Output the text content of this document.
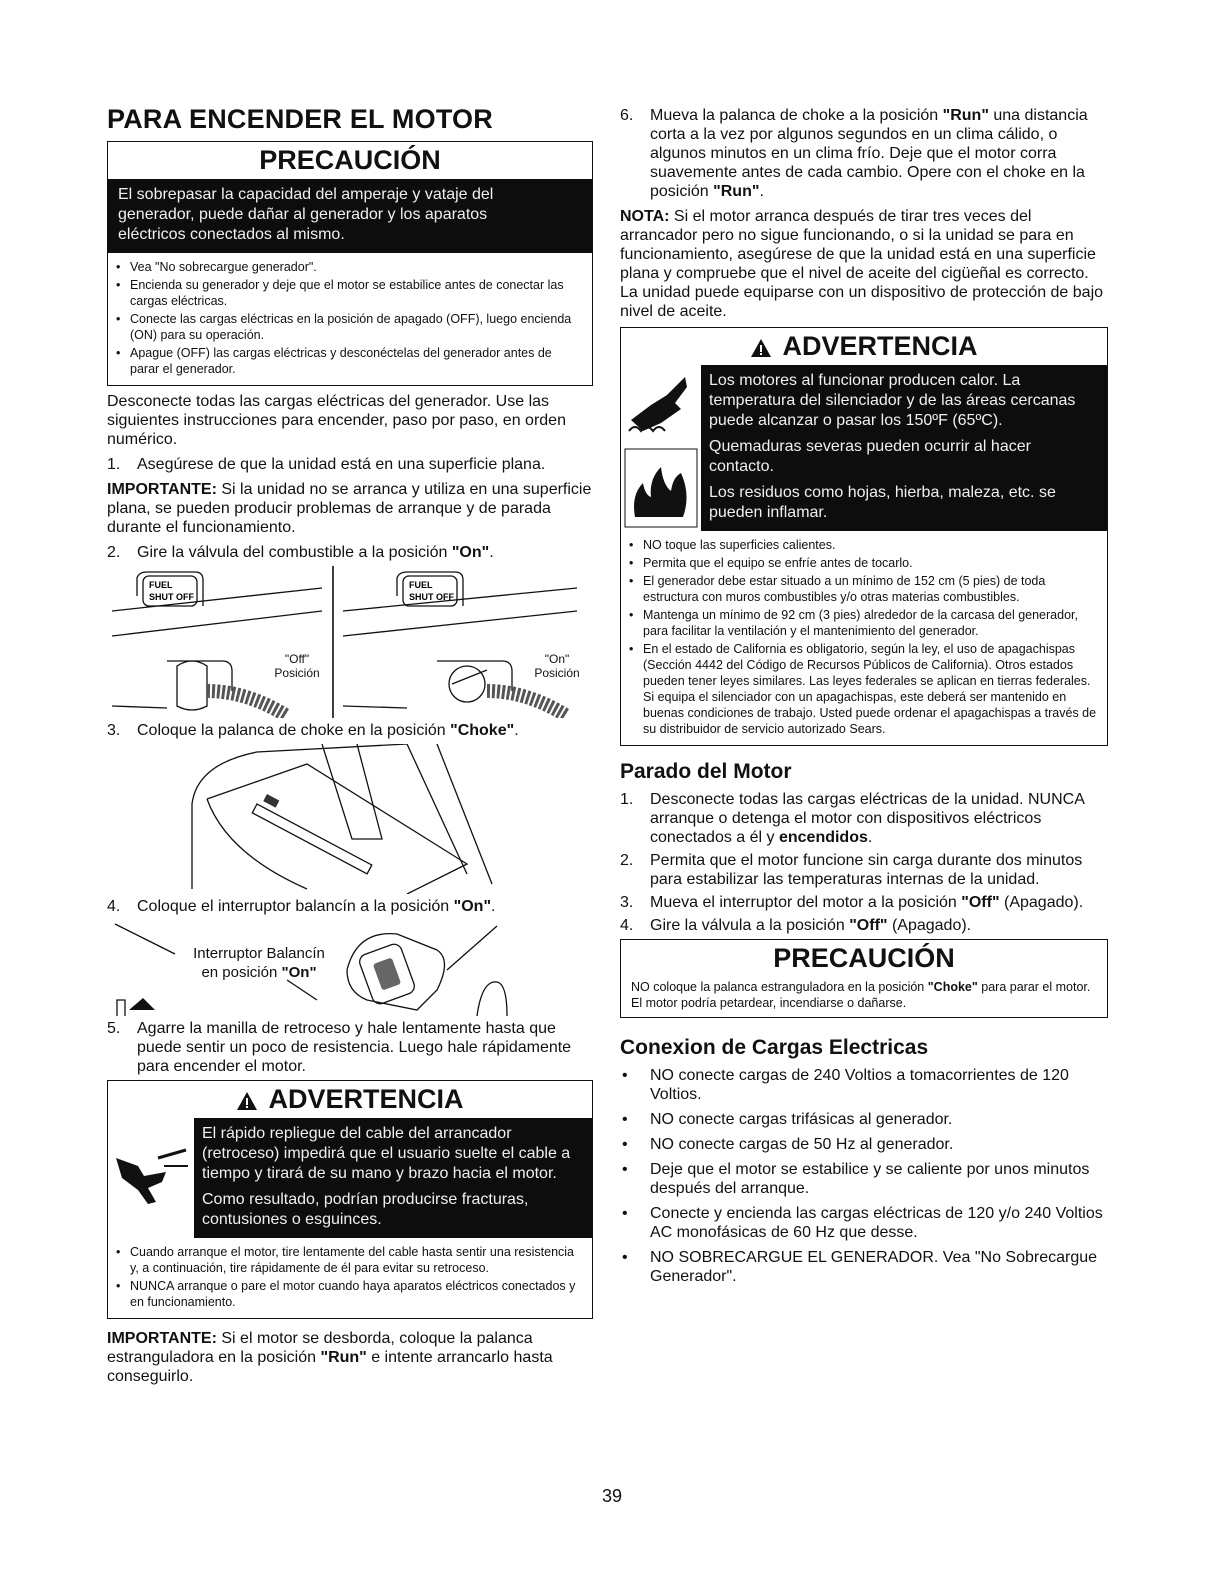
PARA ENCENDER EL MOTOR
PRECAUCIÓN
El sobrepasar la capacidad del amperaje y vataje del
generador, puede dañar al generador y los aparatos
eléctricos conectados al mismo.
• Vea "No sobrecargue generador".
• Encienda su generador y deje que el motor se estabilice antes de conectar las cargas eléctricas.
• Conecte las cargas eléctricas en la posición de apagado (OFF), luego encienda (ON) para su operación.
• Apague (OFF) las cargas eléctricas y desconéctelas del generador antes de parar el generador.

Desconecte todas las cargas eléctricas del generador. Use las siguientes instrucciones para encender, paso por paso, en orden numérico.

1.	Asegúrese de que la unidad está en una superficie plana.

IMPORTANTE: Si la unidad no se arranca y utiliza en una superficie plana, se pueden producir problemas de arranque y de parada durante el funcionamiento.

2.	Gire la válvula del combustible a la posición "On".
FUEL
SHUT OFF
FUEL
SHUT OFF
"Off"
Posición
"On"
Posición
3.	Coloque la palanca de choke en la posición "Choke".
4.	Coloque el interruptor balancín a la posición "On".
Interruptor Balancín
en posición "On"
5.	Agarre la manilla de retroceso y hale lentamente hasta que puede sentir un poco de resistencia. Luego hale rápidamente para encender el motor.
ADVERTENCIA
El rápido repliegue del cable del arrancador
(retroceso) impedirá que el usuario suelte el cable a
tiempo y tirará de su mano y brazo hacia el motor.
Como resultado, podrían producirse fracturas,
contusiones o esguinces.
• Cuando arranque el motor, tire lentamente del cable hasta sentir una resistencia y, a continuación, tire rápidamente de él para evitar su retroceso.
• NUNCA arranque o pare el motor cuando haya aparatos eléctricos conectados y en funcionamiento.

IMPORTANTE: Si el motor se desborda, coloque la palanca estranguladora en la posición "Run" e intente arrancarlo hasta conseguirlo.

6.	Mueva la palanca de choke a la posición "Run" una distancia corta a la vez por algunos segundos en un clima cálido, o algunos minutos en un clima frío. Deje que el motor corra suavemente antes de cada cambio. Opere con el choke en la posición "Run".

NOTA: Si el motor arranca después de tirar tres veces del arrancador pero no sigue funcionando, o si la unidad se para en funcionamiento, asegúrese de que la unidad está en una superficie plana y compruebe que el nivel de aceite del cigüeñal es correcto. La unidad puede equiparse con un dispositivo de protección de bajo nivel de aceite.

ADVERTENCIA
Los motores al funcionar producen calor. La
temperatura del silenciador y de las áreas cercanas
puede alcanzar o pasar los 150ºF (65ºC).
Quemaduras severas pueden ocurrir al hacer
contacto.
Los residuos como hojas, hierba, maleza, etc. se
pueden inflamar.
• NO toque las superficies calientes.
• Permita que el equipo se enfríe antes de tocarlo.
• El generador debe estar situado a un mínimo de 152 cm (5 pies) de toda estructura con muros combustibles y/o otras materias combustibles.
• Mantenga un mínimo de 92 cm (3 pies) alrededor de la carcasa del generador, para facilitar la ventilación y el mantenimiento del generador.
• En el estado de California es obligatorio, según la ley, el uso de apagachispas (Sección 4442 del Código de Recursos Públicos de California). Otros estados pueden tener leyes similares. Las leyes federales se aplican en tierras federales. Si equipa el silenciador con un apagachispas, este deberá ser mantenido en buenas condiciones de trabajo. Usted puede ordenar el apagachispas a través de su distribuidor de servicio autorizado Sears.
Parado del Motor
1.	Desconecte todas las cargas eléctricas de la unidad. NUNCA arranque o detenga el motor con dispositivos eléctricos conectados a él y encendidos.
2.	Permita que el motor funcione sin carga durante dos minutos para estabilizar las temperaturas internas de la unidad.
3.	Mueva el interruptor del motor a la posición "Off" (Apagado).
4.	Gire la válvula a la posición "Off" (Apagado).
PRECAUCIÓN
NO coloque la palanca estranguladora en la posición "Choke" para parar el motor. El motor podría petardear, incendiarse o dañarse.
Conexion de Cargas Electricas
• NO conecte cargas de 240 Voltios a tomacorrientes de 120 Voltios.
• NO conecte cargas trifásicas al generador.
• NO conecte cargas de 50 Hz al generador.
• Deje que el motor se estabilice y se caliente por unos minutos después del arranque.
• Conecte y encienda las cargas eléctricas de 120 y/o 240 Voltios AC monofásicas de 60 Hz que desse.
• NO SOBRECARGUE EL GENERADOR. Vea "No Sobrecargue Generador".
39
